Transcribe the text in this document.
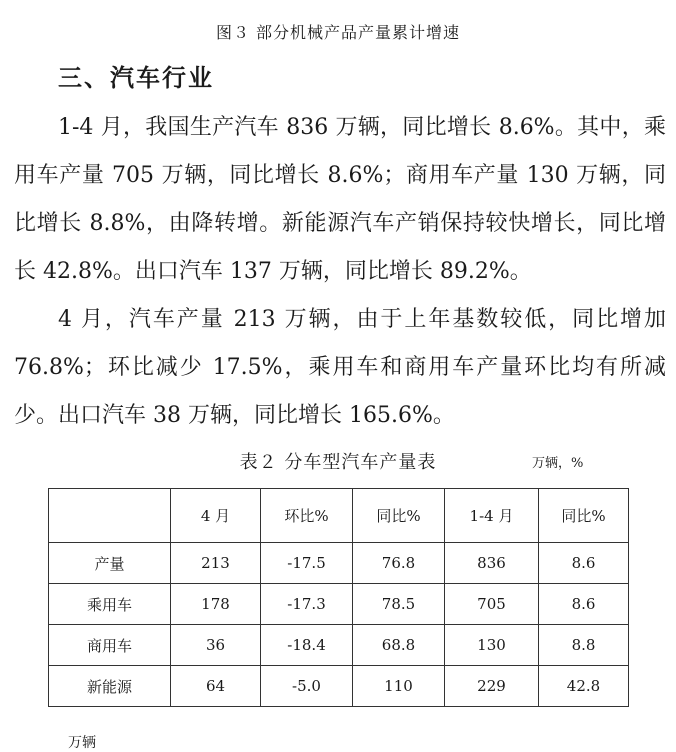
图３ 部分机械产品产量累计增速
三、汽车行业

1-4 月，我国生产汽车 836 万辆，同比增长 8.6%。其中，乘用车产量 705 万辆，同比增长 8.6%；商用车产量 130 万辆，同比增长 8.8%，由降转增。新能源汽车产销保持较快增长，同比增长 42.8%。出口汽车 137 万辆，同比增长 89.2%。

4 月，汽车产量 213 万辆，由于上年基数较低，同比增加 76.8%；环比减少 17.5%，乘用车和商用车产量环比均有所减少。出口汽车 38 万辆，同比增长 165.6%。

表２ 分车型汽车产量表	万辆，%
	4 月	环比%	同比%	1-4 月	同比%
产量	213	-17.5	76.8	836	8.6
乘用车	178	-17.3	78.5	705	8.6
商用车	36	-18.4	68.8	130	8.8
新能源	64	-5.0	110	229	42.8
万辆
